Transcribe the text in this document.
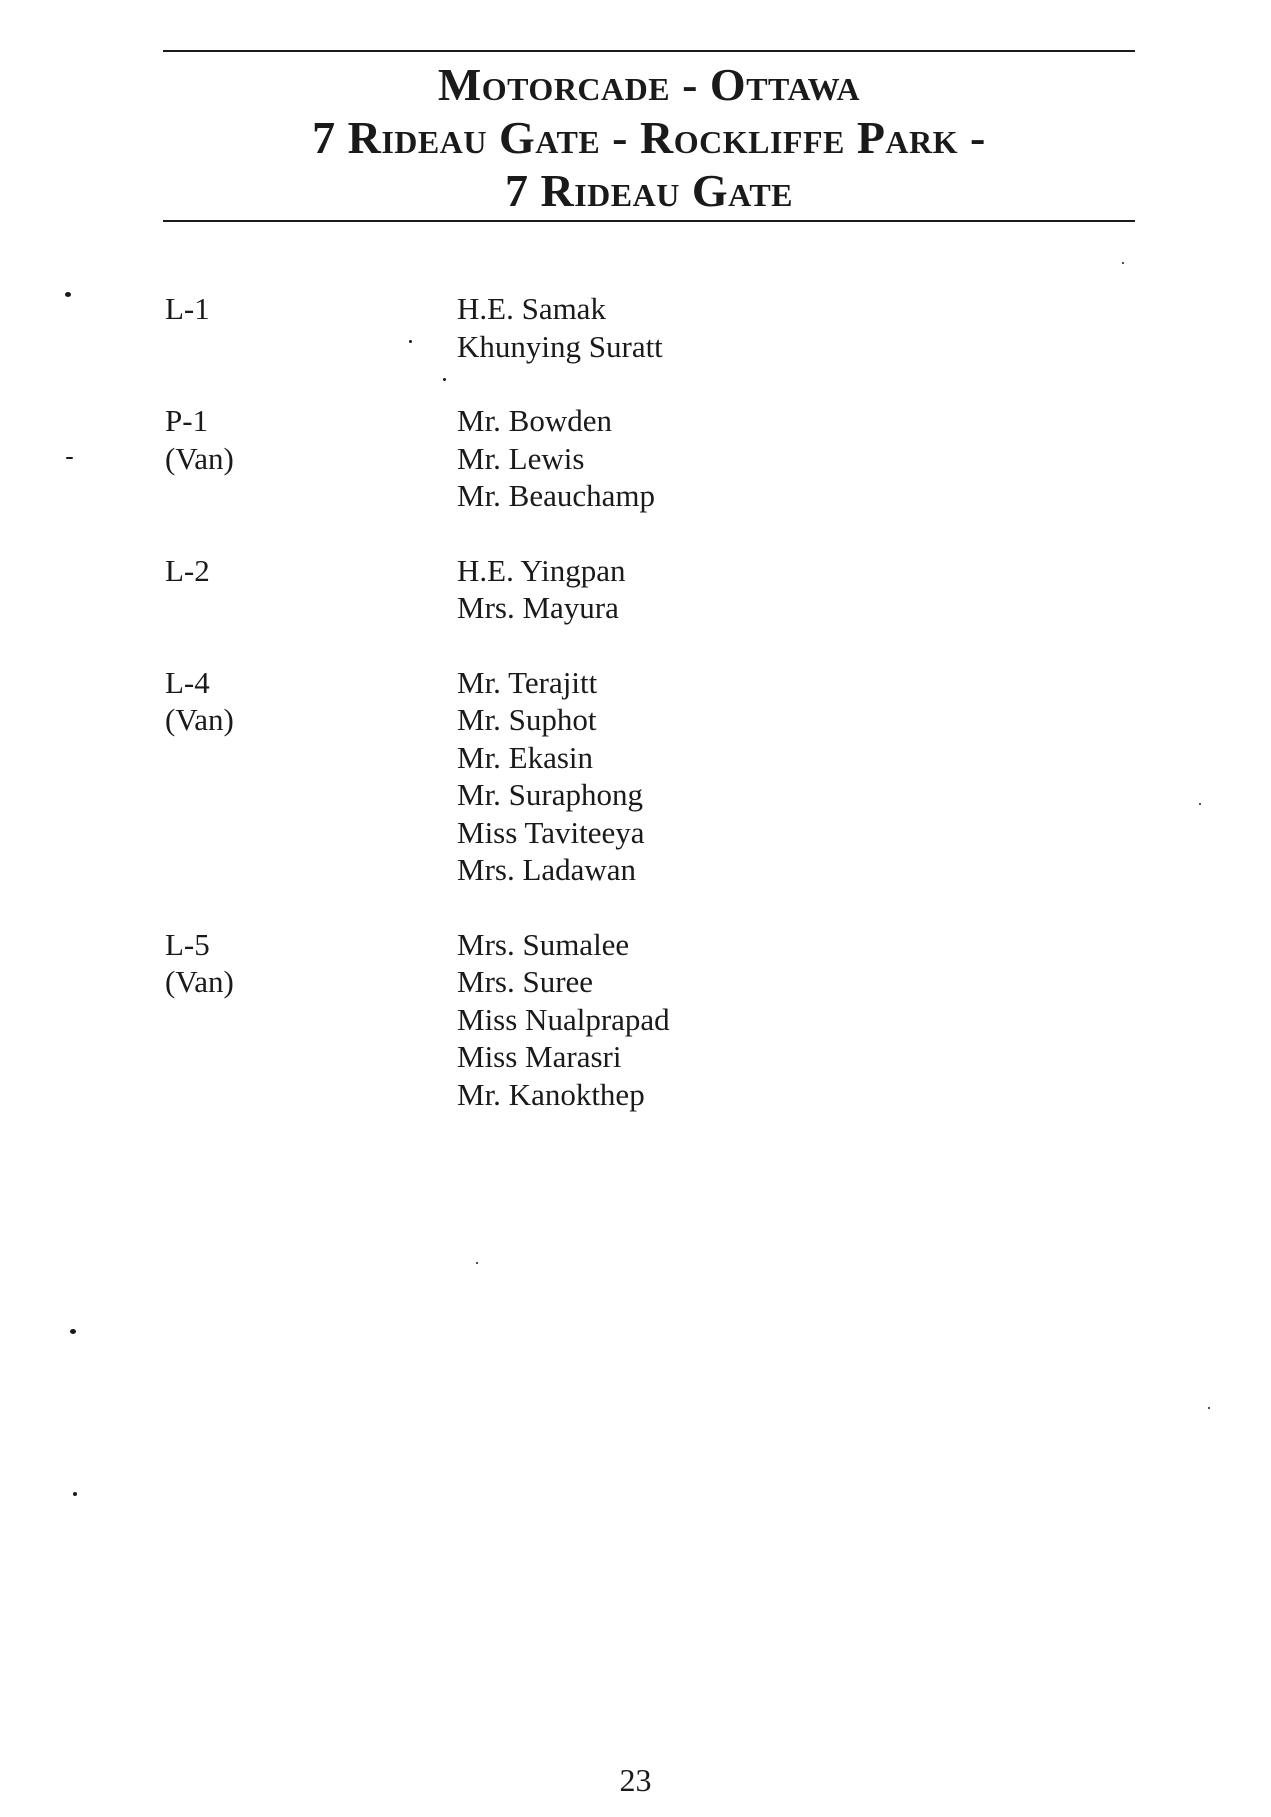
Motorcade - Ottawa
7 Rideau Gate - Rockliffe Park -
7 Rideau Gate
L-1	H.E. Samak
Khunying Suratt
P-1
(Van)
Mr. Bowden
Mr. Lewis
Mr. Beauchamp
L-2	H.E. Yingpan
Mrs. Mayura
L-4
(Van)
Mr. Terajitt
Mr. Suphot
Mr. Ekasin
Mr. Suraphong
Miss Taviteeya
Mrs. Ladawan
L-5
(Van)
Mrs. Sumalee
Mrs. Suree
Miss Nualprapad
Miss Marasri
Mr. Kanokthep
23
